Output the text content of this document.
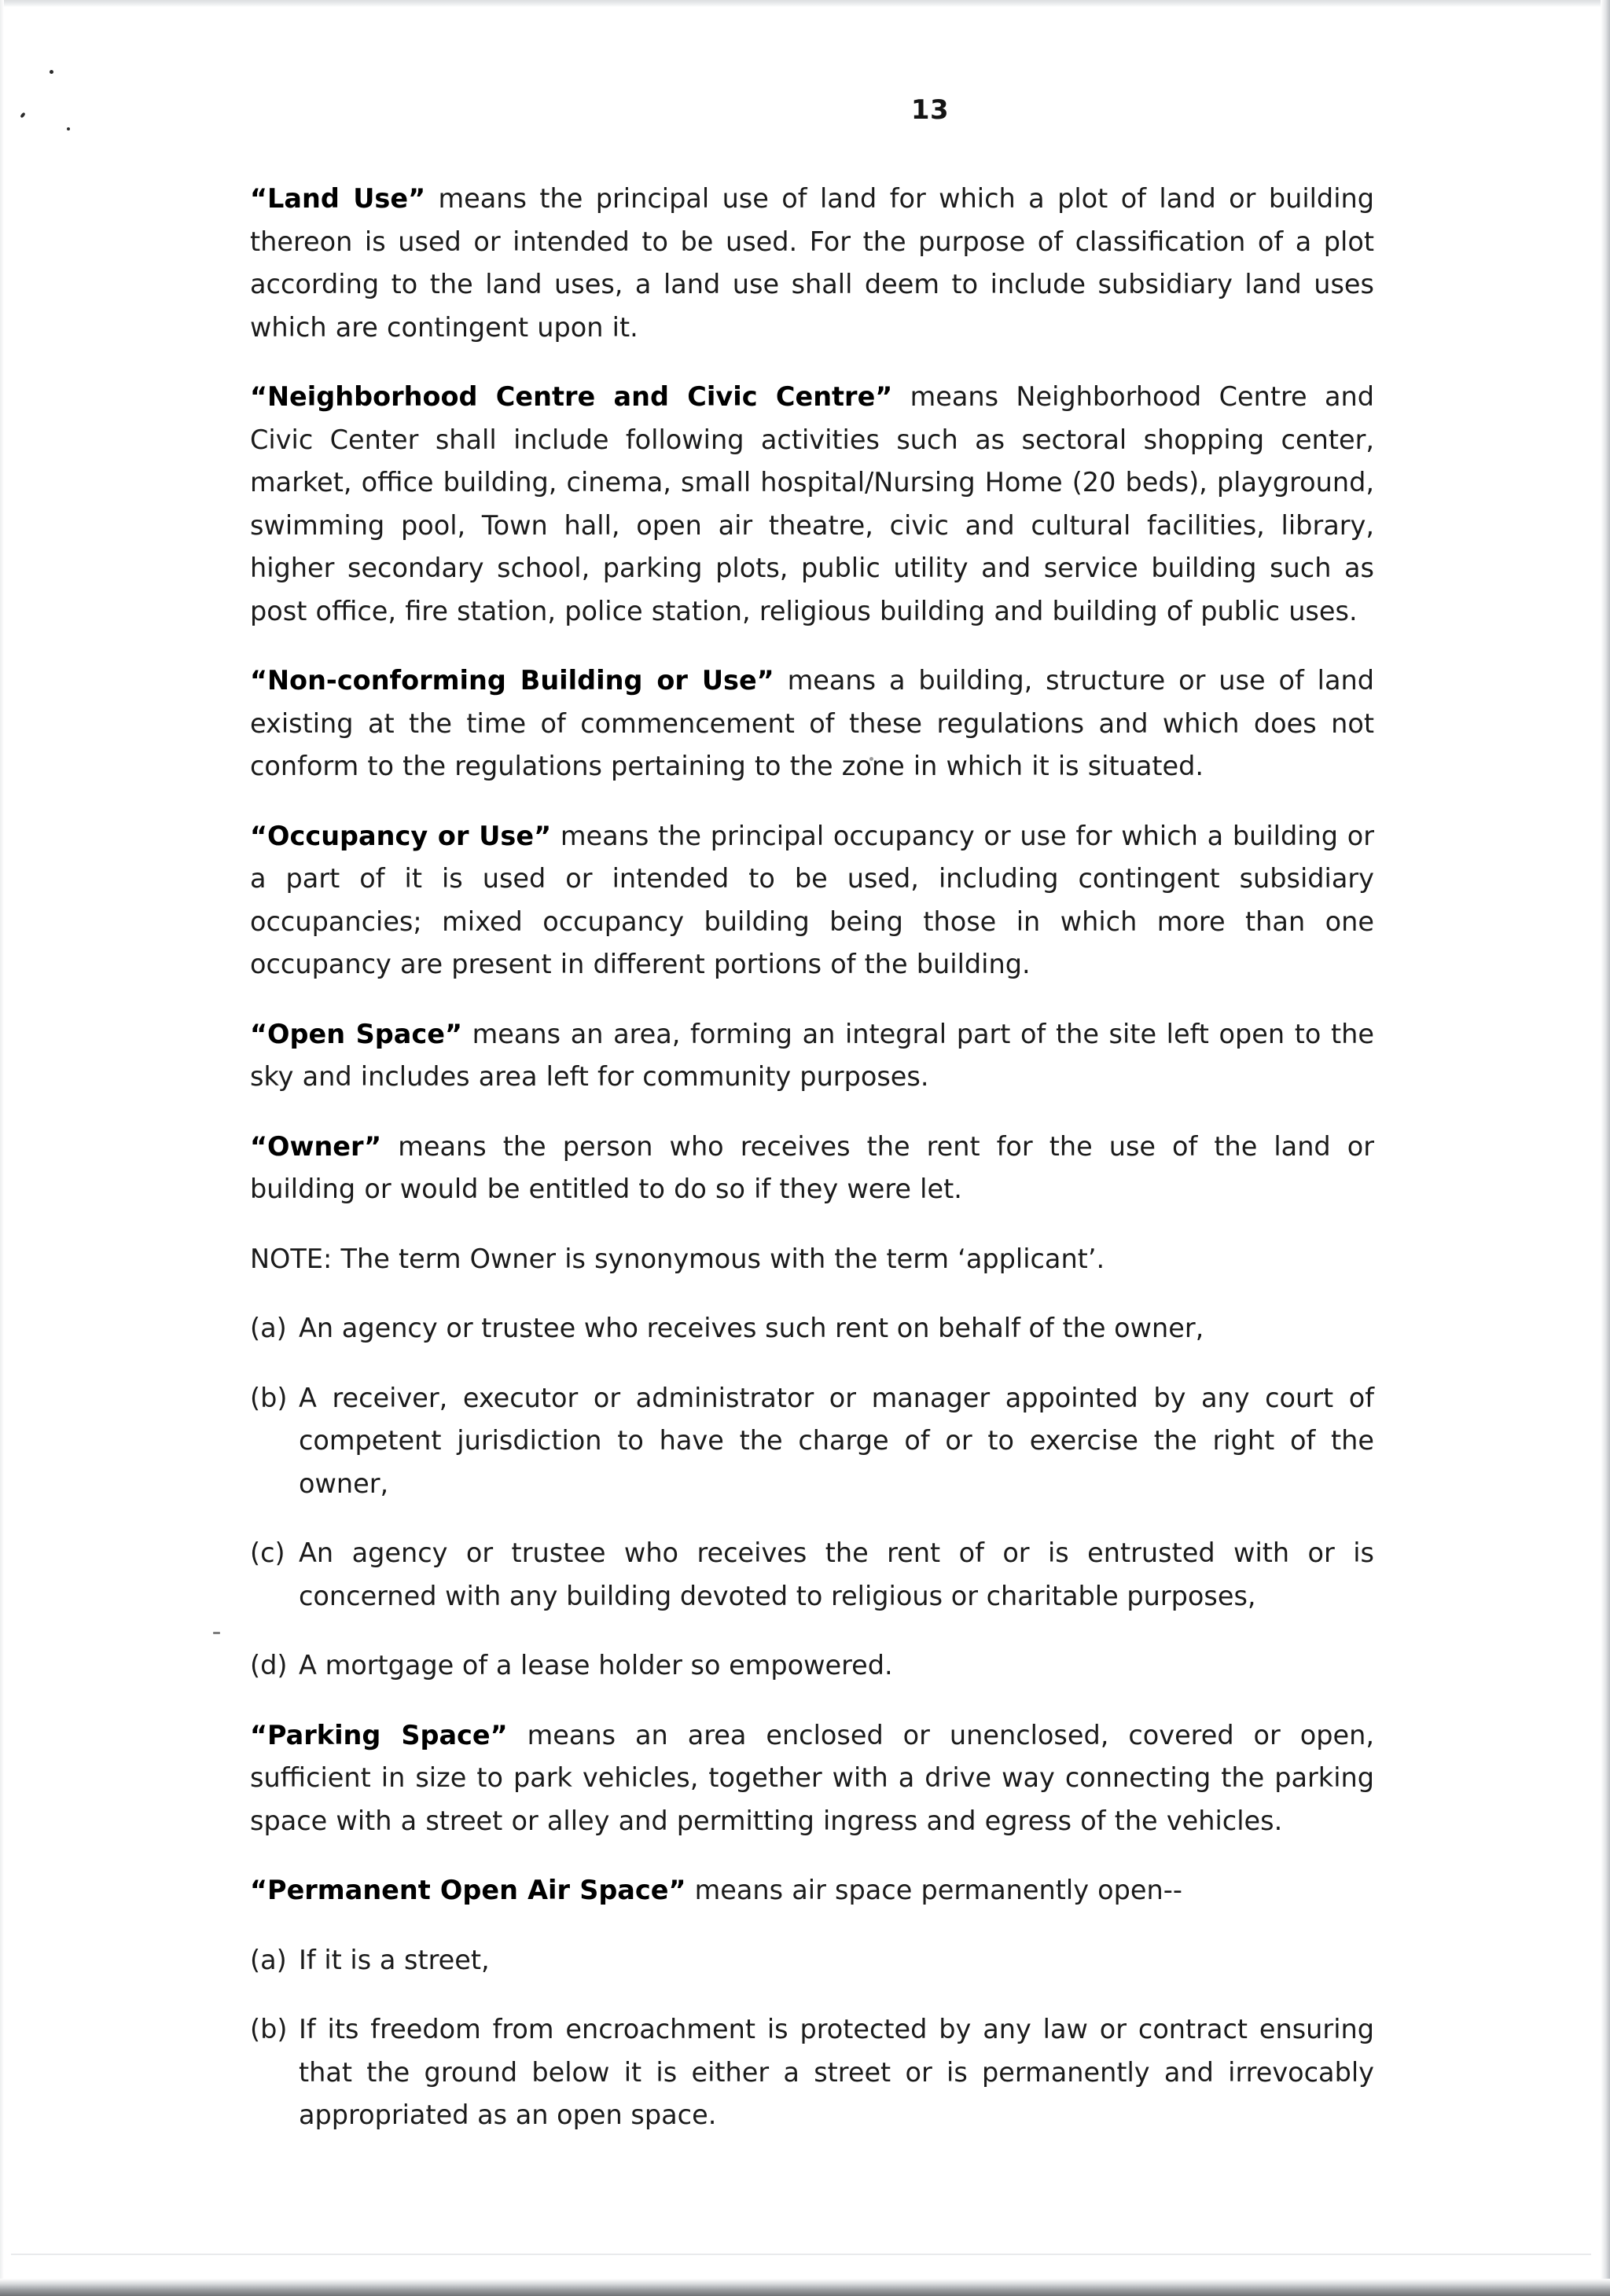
13

“Land Use” means the principal use of land for which a plot of land or building thereon is used or intended to be used. For the purpose of classification of a plot according to the land uses, a land use shall deem to include subsidiary land uses which are contingent upon it.

“Neighborhood Centre and Civic Centre” means Neighborhood Centre and Civic Center shall include following activities such as sectoral shopping center, market, office building, cinema, small hospital/Nursing Home (20 beds), playground, swimming pool, Town hall, open air theatre, civic and cultural facilities, library, higher secondary school, parking plots, public utility and service building such as post office, fire station, police station, religious building and building of public uses.

“Non-conforming Building or Use” means a building, structure or use of land existing at the time of commencement of these regulations and which does not conform to the regulations pertaining to the zone in which it is situated.

“Occupancy or Use” means the principal occupancy or use for which a building or a part of it is used or intended to be used, including contingent subsidiary occupancies; mixed occupancy building being those in which more than one occupancy are present in different portions of the building.

“Open Space” means an area, forming an integral part of the site left open to the sky and includes area left for community purposes.

“Owner” means the person who receives the rent for the use of the land or building or would be entitled to do so if they were let.

NOTE: The term Owner is synonymous with the term ‘applicant’.

(a) An agency or trustee who receives such rent on behalf of the owner,
(b) A receiver, executor or administrator or manager appointed by any court of competent jurisdiction to have the charge of or to exercise the right of the owner,
(c) An agency or trustee who receives the rent of or is entrusted with or is concerned with any building devoted to religious or charitable purposes,
(d) A mortgage of a lease holder so empowered.

“Parking Space” means an area enclosed or unenclosed, covered or open, sufficient in size to park vehicles, together with a drive way connecting the parking space with a street or alley and permitting ingress and egress of the vehicles.

“Permanent Open Air Space” means air space permanently open--

(a) If it is a street,
(b) If its freedom from encroachment is protected by any law or contract ensuring that the ground below it is either a street or is permanently and irrevocably appropriated as an open space.
